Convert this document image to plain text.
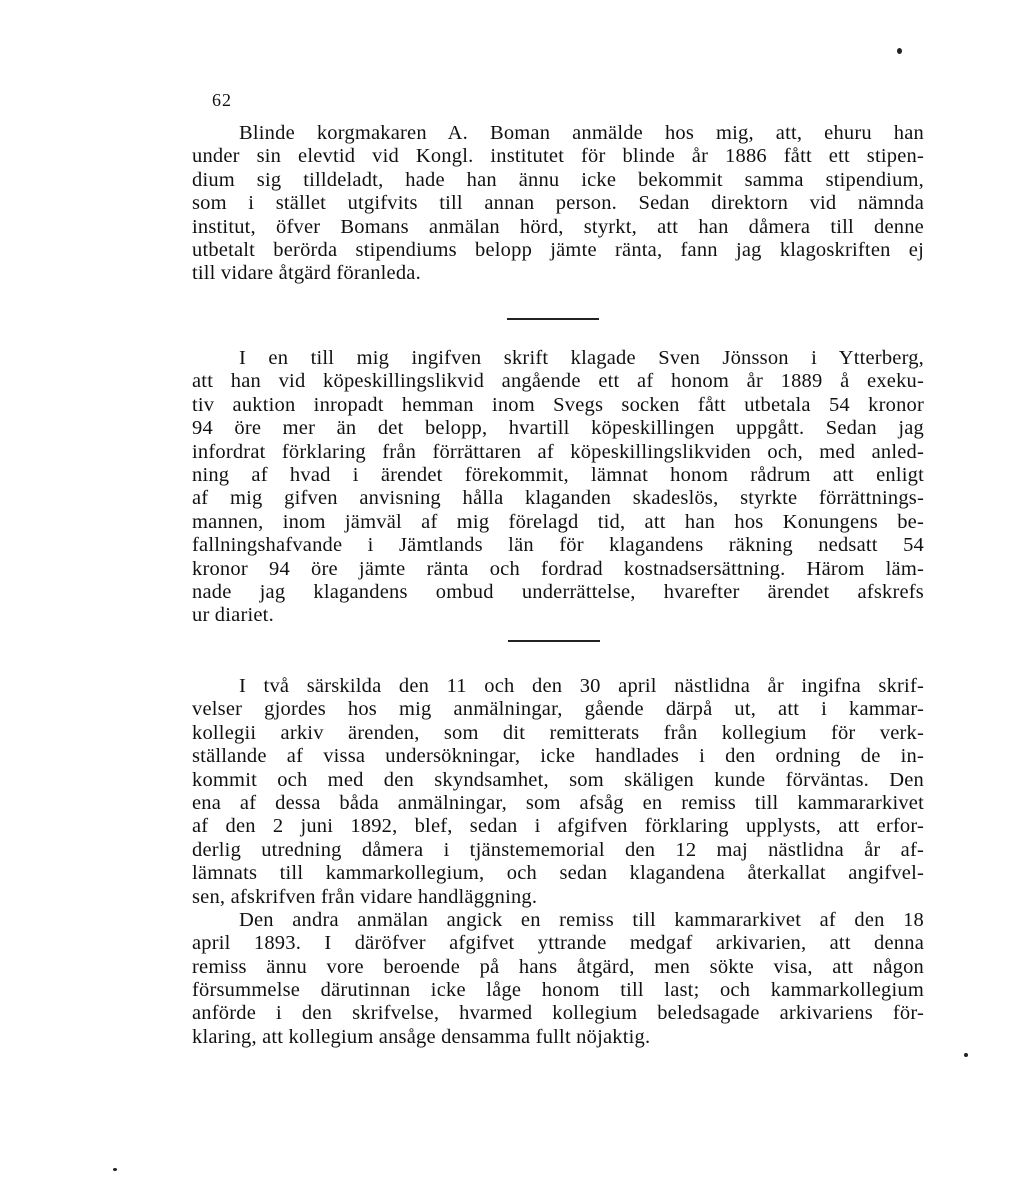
62
Blinde korgmakaren A. Boman anmälde hos mig, att, ehuru han
under sin elevtid vid Kongl. institutet för blinde år 1886 fått ett stipen-
dium sig tilldeladt, hade han ännu icke bekommit samma stipendium,
som i stället utgifvits till annan person. Sedan direktorn vid nämnda
institut, öfver Bomans anmälan hörd, styrkt, att han dåmera till denne
utbetalt berörda stipendiums belopp jämte ränta, fann jag klagoskriften ej
till vidare åtgärd föranleda.
I en till mig ingifven skrift klagade Sven Jönsson i Ytterberg,
att han vid köpeskillingslikvid angående ett af honom år 1889 å exeku-
tiv auktion inropadt hemman inom Svegs socken fått utbetala 54 kronor
94 öre mer än det belopp, hvartill köpeskillingen uppgått. Sedan jag
infordrat förklaring från förrättaren af köpeskillingslikviden och, med anled-
ning af hvad i ärendet förekommit, lämnat honom rådrum att enligt
af mig gifven anvisning hålla klaganden skadeslös, styrkte förrättnings-
mannen, inom jämväl af mig förelagd tid, att han hos Konungens be-
fallningshafvande i Jämtlands län för klagandens räkning nedsatt 54
kronor 94 öre jämte ränta och fordrad kostnadsersättning. Härom läm-
nade jag klagandens ombud underrättelse, hvarefter ärendet afskrefs
ur diariet.
I två särskilda den 11 och den 30 april nästlidna år ingifna skrif-
velser gjordes hos mig anmälningar, gående därpå ut, att i kammar-
kollegii arkiv ärenden, som dit remitterats från kollegium för verk-
ställande af vissa undersökningar, icke handlades i den ordning de in-
kommit och med den skyndsamhet, som skäligen kunde förväntas. Den
ena af dessa båda anmälningar, som afsåg en remiss till kammararkivet
af den 2 juni 1892, blef, sedan i afgifven förklaring upplysts, att erfor-
derlig utredning dåmera i tjänstememorial den 12 maj nästlidna år af-
lämnats till kammarkollegium, och sedan klagandena återkallat angifvel-
sen, afskrifven från vidare handläggning.
Den andra anmälan angick en remiss till kammararkivet af den 18
april 1893. I däröfver afgifvet yttrande medgaf arkivarien, att denna
remiss ännu vore beroende på hans åtgärd, men sökte visa, att någon
försummelse därutinnan icke låge honom till last; och kammarkollegium
anförde i den skrifvelse, hvarmed kollegium beledsagade arkivariens för-
klaring, att kollegium ansåge densamma fullt nöjaktig.
